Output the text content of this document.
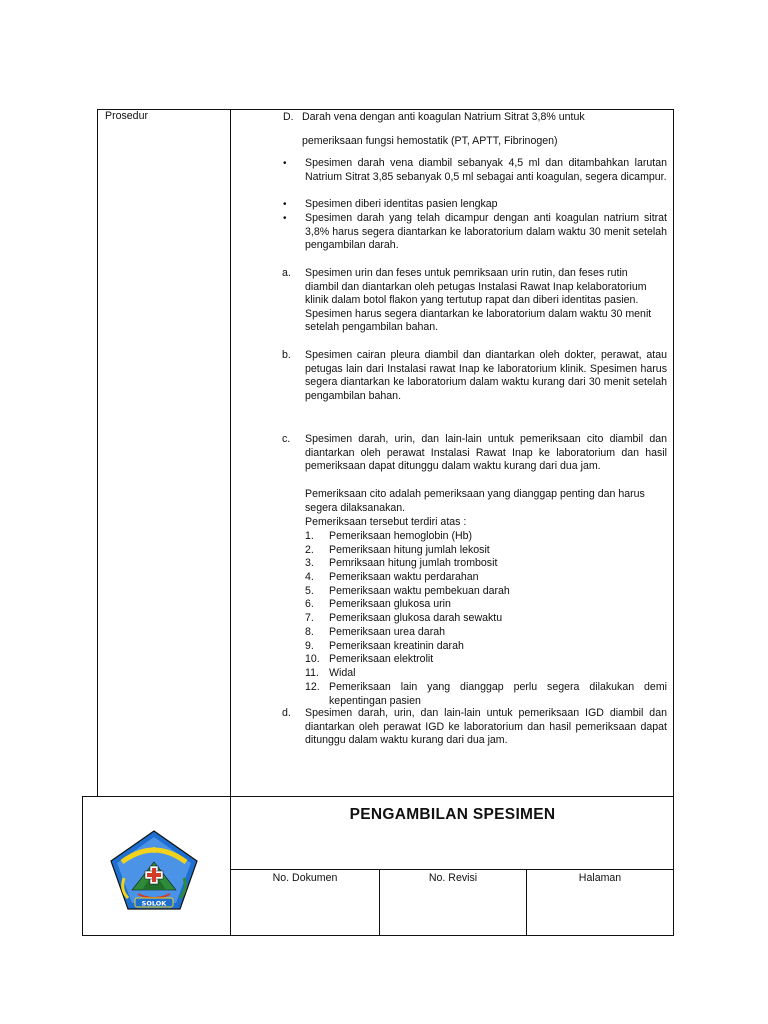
Prosedur	D. Darah vena dengan anti koagulan Natrium Sitrat 3,8% untuk
pemeriksaan fungsi hemostatik (PT, APTT, Fibrinogen)
• Spesimen darah vena diambil sebanyak 4,5 ml dan ditambahkan larutan Natrium Sitrat 3,85 sebanyak 0,5 ml sebagai anti koagulan, segera dicampur.
• Spesimen diberi identitas pasien lengkap
• Spesimen darah yang telah dicampur dengan anti koagulan natrium sitrat 3,8% harus segera diantarkan ke laboratorium dalam waktu 30 menit setelah pengambilan darah.
a. Spesimen urin dan feses untuk pemriksaan urin rutin, dan feses rutin diambil dan diantarkan oleh petugas Instalasi Rawat Inap kelaboratorium klinik dalam botol flakon yang tertutup rapat dan diberi identitas pasien. Spesimen harus segera diantarkan ke laboratorium dalam waktu 30 menit setelah pengambilan bahan.
b. Spesimen cairan pleura diambil dan diantarkan oleh dokter, perawat, atau petugas lain dari Instalasi rawat Inap ke laboratorium klinik. Spesimen harus segera diantarkan ke laboratorium dalam waktu kurang dari 30 menit setelah pengambilan bahan.
c. Spesimen darah, urin, dan lain-lain untuk pemeriksaan cito diambil dan diantarkan oleh perawat Instalasi Rawat Inap ke laboratorium dan hasil pemeriksaan dapat ditunggu dalam waktu kurang dari dua jam.
Pemeriksaan cito adalah pemeriksaan yang dianggap penting dan harus segera dilaksanakan.
Pemeriksaan tersebut terdiri atas :
1. Pemeriksaan hemoglobin (Hb)
2. Pemeriksaan hitung jumlah lekosit
3. Pemriksaan hitung jumlah trombosit
4. Pemeriksaan waktu perdarahan
5. Pemeriksaan waktu pembekuan darah
6. Pemeriksaan glukosa urin
7. Pemeriksaan glukosa darah sewaktu
8. Pemeriksaan urea darah
9. Pemeriksaan kreatinin darah
10. Pemeriksaan elektrolit
11. Widal
12. Pemeriksaan lain yang dianggap perlu segera dilakukan demi kepentingan pasien
d. Spesimen darah, urin, dan lain-lain untuk pemeriksaan IGD diambil dan diantarkan oleh perawat IGD ke laboratorium dan hasil pemeriksaan dapat ditunggu dalam waktu kurang dari dua jam.
PENGAMBILAN SPESIMEN
No. Dokumen	No. Revisi	Halaman
SOLOK
